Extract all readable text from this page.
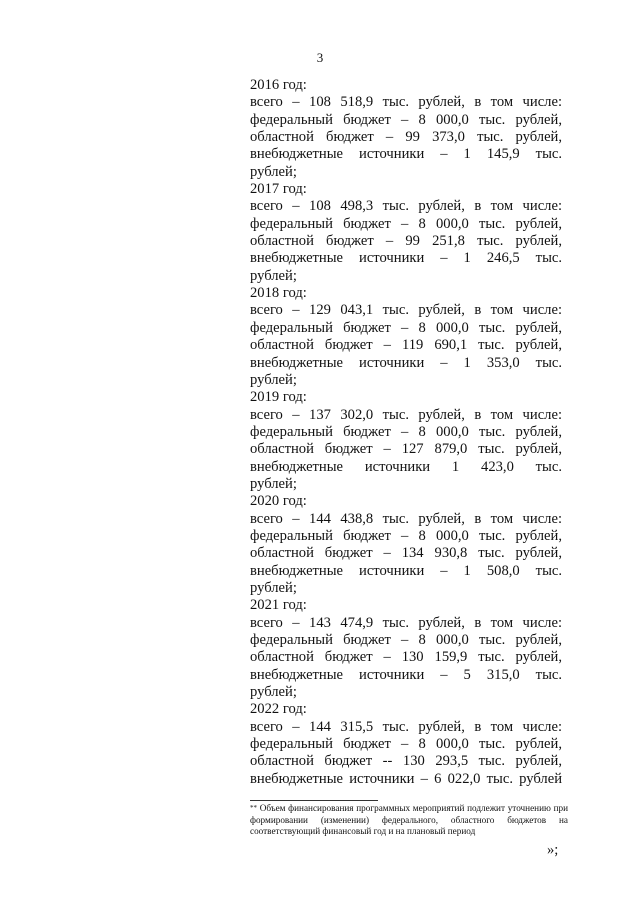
3
2016 год:
всего – 108 518,9 тыс. рублей, в том числе:
федеральный бюджет – 8 000,0 тыс. рублей,
областной бюджет – 99 373,0 тыс. рублей,
внебюджетные источники – 1 145,9 тыс.
рублей;
2017 год:
всего – 108 498,3 тыс. рублей, в том числе:
федеральный бюджет – 8 000,0 тыс. рублей,
областной бюджет – 99 251,8 тыс. рублей,
внебюджетные источники – 1 246,5 тыс.
рублей;
2018 год:
всего – 129 043,1 тыс. рублей, в том числе:
федеральный бюджет – 8 000,0 тыс. рублей,
областной бюджет – 119 690,1 тыс. рублей,
внебюджетные источники – 1 353,0 тыс.
рублей;
2019 год:
всего – 137 302,0 тыс. рублей, в том числе:
федеральный бюджет – 8 000,0 тыс. рублей,
областной бюджет – 127 879,0 тыс. рублей,
внебюджетные источники 1 423,0 тыс.
рублей;
2020 год:
всего – 144 438,8 тыс. рублей, в том числе:
федеральный бюджет – 8 000,0 тыс. рублей,
областной бюджет – 134 930,8 тыс. рублей,
внебюджетные источники – 1 508,0 тыс.
рублей;
2021 год:
всего – 143 474,9 тыс. рублей, в том числе:
федеральный бюджет – 8 000,0 тыс. рублей,
областной бюджет – 130 159,9 тыс. рублей,
внебюджетные источники – 5 315,0 тыс.
рублей;
2022 год:
всего – 144 315,5 тыс. рублей, в том числе:
федеральный бюджет – 8 000,0 тыс. рублей,
областной бюджет -- 130 293,5 тыс. рублей,
внебюджетные источники – 6 022,0 тыс. рублей
** Объем финансирования программных мероприятий подлежит уточнению при формировании (изменении) федерального, областного бюджетов на соответствующий финансовый год и на плановый период
»;
